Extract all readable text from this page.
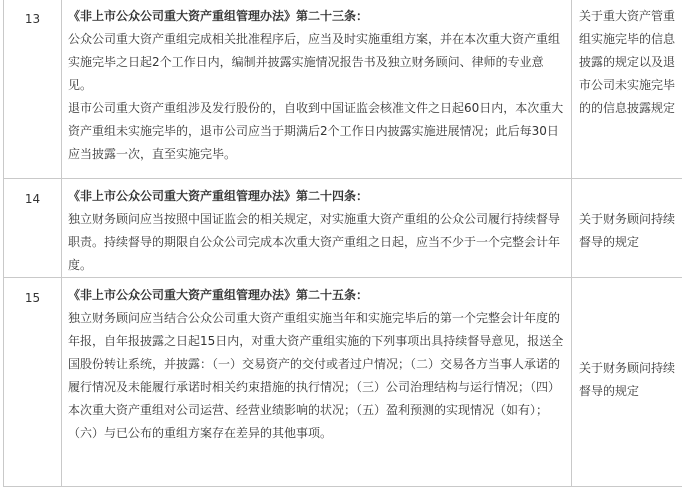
13	《非上市公众公司重大资产重组管理办法》第二十三条：
公众公司重大资产重组完成相关批准程序后，应当及时实施重组方案，并在本次重大资产重组实施完毕之日起2个工作日内，编制并披露实施情况报告书及独立财务顾问、律师的专业意见。
退市公司重大资产重组涉及发行股份的，自收到中国证监会核准文件之日起60日内，本次重大资产重组未实施完毕的，退市公司应当于期满后2个工作日内披露实施进展情况；此后每30日应当披露一次，直至实施完毕。	关于重大资产管重组实施完毕的信息披露的规定以及退市公司未实施完毕的的信息披露规定

14	《非上市公众公司重大资产重组管理办法》第二十四条：
独立财务顾问应当按照中国证监会的相关规定，对实施重大资产重组的公众公司履行持续督导职责。持续督导的期限自公众公司完成本次重大资产重组之日起，应当不少于一个完整会计年度。	关于财务顾问持续督导的规定

15	《非上市公众公司重大资产重组管理办法》第二十五条：
独立财务顾问应当结合公众公司重大资产重组实施当年和实施完毕后的第一个完整会计年度的年报，自年报披露之日起15日内，对重大资产重组实施的下列事项出具持续督导意见，报送全国股份转让系统，并披露：（一）交易资产的交付或者过户情况；（二）交易各方当事人承诺的履行情况及未能履行承诺时相关约束措施的执行情况；（三）公司治理结构与运行情况；（四）本次重大资产重组对公司运营、经营业绩影响的状况；（五）盈利预测的实现情况（如有）；（六）与已公布的重组方案存在差异的其他事项。	关于财务顾问持续督导的规定
